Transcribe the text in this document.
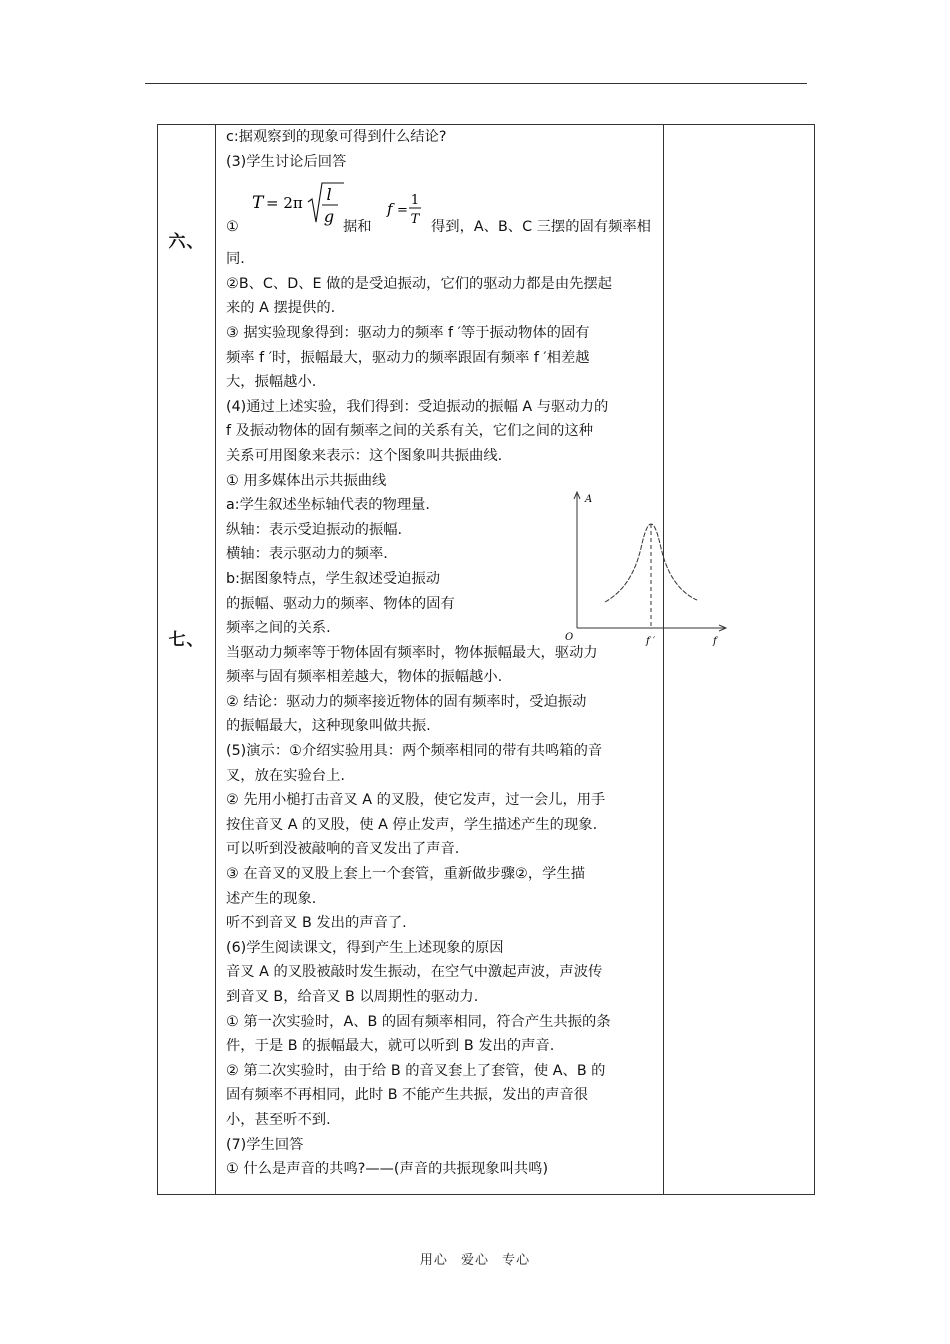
六、
七、
c:据观察到的现象可得到什么结论?
(3)学生讨论后回答
①
T = 2π l
g	f =
1
T
据和	得到，A、B、C 三摆的固有频率相
同.
②B、C、D、E 做的是受迫振动，它们的驱动力都是由先摆起
来的 A 摆提供的.
③ 据实验现象得到：驱动力的频率 f ′等于振动物体的固有
频率 f ′时，振幅最大，驱动力的频率跟固有频率 f ′相差越
大，振幅越小.
(4)通过上述实验，我们得到：受迫振动的振幅 A 与驱动力的
f 及振动物体的固有频率之间的关系有关，它们之间的这种
关系可用图象来表示：这个图象叫共振曲线.
① 用多媒体出示共振曲线
a:学生叙述坐标轴代表的物理量.
纵轴：表示受迫振动的振幅.
横轴：表示驱动力的频率.
b:据图象特点，学生叙述受迫振动
的振幅、驱动力的频率、物体的固有
频率之间的关系.
当驱动力频率等于物体固有频率时，物体振幅最大，驱动力
频率与固有频率相差越大，物体的振幅越小.
② 结论：驱动力的频率接近物体的固有频率时，受迫振动
的振幅最大，这种现象叫做共振.
(5)演示：①介绍实验用具：两个频率相同的带有共鸣箱的音
叉，放在实验台上.
② 先用小槌打击音叉 A 的叉股，使它发声，过一会儿，用手
按住音叉 A 的叉股，使 A 停止发声，学生描述产生的现象.
可以听到没被敲响的音叉发出了声音.
③ 在音叉的叉股上套上一个套管，重新做步骤②，学生描
述产生的现象.
听不到音叉 B 发出的声音了.
(6)学生阅读课文，得到产生上述现象的原因
音叉 A 的叉股被敲时发生振动，在空气中激起声波，声波传
到音叉 B，给音叉 B 以周期性的驱动力.
① 第一次实验时，A、B 的固有频率相同，符合产生共振的条
件，于是 B 的振幅最大，就可以听到 B 发出的声音.
② 第二次实验时，由于给 B 的音叉套上了套管，使 A、B 的
固有频率不再相同，此时 B 不能产生共振，发出的声音很
小，甚至听不到.
(7)学生回答
① 什么是声音的共鸣?——(声音的共振现象叫共鸣)
A
O	f
f ′
用心 爱心 专心
